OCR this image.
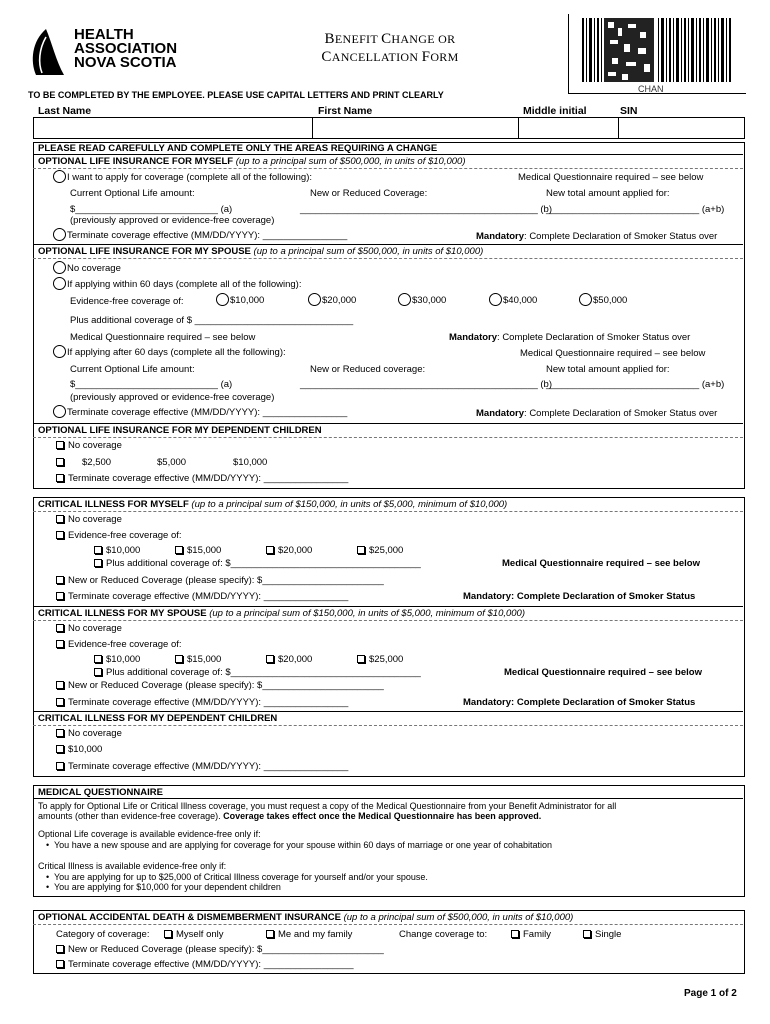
HEALTH
ASSOCIATION
NOVA SCOTIA
BENEFIT CHANGE OR
CANCELLATION FORM
CHAN
TO BE COMPLETED BY THE EMPLOYEE. PLEASE USE CAPITAL LETTERS AND PRINT CLEARLY
Last Name	First Name	Middle initial	SIN
PLEASE READ CAREFULLY AND COMPLETE ONLY THE AREAS REQUIRING A CHANGE
OPTIONAL LIFE INSURANCE FOR MYSELF (up to a principal sum of $500,000, in units of $10,000)
I want to apply for coverage (complete all of the following):	Medical Questionnaire required – see below
Current Optional Life amount:	New or Reduced Coverage:	New total amount applied for:
$___________________________ (a)	_____________________________________________ (b)
_____________________________ (a+b)
(previously approved or evidence-free coverage)
Terminate coverage effective (MM/DD/YYYY): ________________	Mandatory: Complete Declaration of Smoker Status over
OPTIONAL LIFE INSURANCE FOR MY SPOUSE (up to a principal sum of $500,000, in units of $10,000)
No coverage
If applying within 60 days (complete all of the following):
Evidence-free coverage of:	$10,000	$20,000	$30,000	$40,000	$50,000
Plus additional coverage of $ ______________________________
Medical Questionnaire required – see below	Mandatory: Complete Declaration of Smoker Status over
If applying after 60 days (complete all the following):	Medical Questionnaire required – see below
Current Optional Life amount:	New or Reduced coverage:	New total amount applied for:
$___________________________ (a)	_____________________________________________ (b)
_____________________________ (a+b)
(previously approved or evidence-free coverage)
Terminate coverage effective (MM/DD/YYYY): ________________	Mandatory: Complete Declaration of Smoker Status over
OPTIONAL LIFE INSURANCE FOR MY DEPENDENT CHILDREN
No coverage
$2,500	$5,000	$10,000
Terminate coverage effective (MM/DD/YYYY): ________________
CRITICAL ILLNESS FOR MYSELF (up to a principal sum of $150,000, in units of $5,000, minimum of $10,000)
No coverage
Evidence-free coverage of:
$10,000	$15,000	$20,000	$25,000
Plus additional coverage of: $____________________________________	Medical Questionnaire required – see below
New or Reduced Coverage (please specify): $_______________________
Terminate coverage effective (MM/DD/YYYY): ________________	Mandatory: Complete Declaration of Smoker Status
CRITICAL ILLNESS FOR MY SPOUSE (up to a principal sum of $150,000, in units of $5,000, minimum of $10,000)
No coverage
Evidence-free coverage of:
$10,000	$15,000	$20,000	$25,000
Plus additional coverage of: $____________________________________	Medical Questionnaire required – see below
New or Reduced Coverage (please specify): $_______________________
Terminate coverage effective (MM/DD/YYYY): ________________	Mandatory: Complete Declaration of Smoker Status
CRITICAL ILLNESS FOR MY DEPENDENT CHILDREN
No coverage
$10,000
Terminate coverage effective (MM/DD/YYYY): ________________
MEDICAL QUESTIONNAIRE
To apply for Optional Life or Critical Illness coverage, you must request a copy of the Medical Questionnaire from your Benefit Administrator for all
amounts (other than evidence-free coverage). Coverage takes effect once the Medical Questionnaire has been approved.
Optional Life coverage is available evidence-free only if:
•  You have a new spouse and are applying for coverage for your spouse within 60 days of marriage or one year of cohabitation
Critical Illness is available evidence-free only if:
•  You are applying for up to $25,000 of Critical Illness coverage for yourself and/or your spouse.
•  You are applying for $10,000 for your dependent children
OPTIONAL ACCIDENTAL DEATH & DISMEMBERMENT INSURANCE (up to a principal sum of $500,000, in units of $10,000)
Category of coverage:	Myself only	Me and my family	Change coverage to:	Family	Single
New or Reduced Coverage (please specify): $_______________________
Terminate coverage effective (MM/DD/YYYY): _________________
Page 1 of 2
